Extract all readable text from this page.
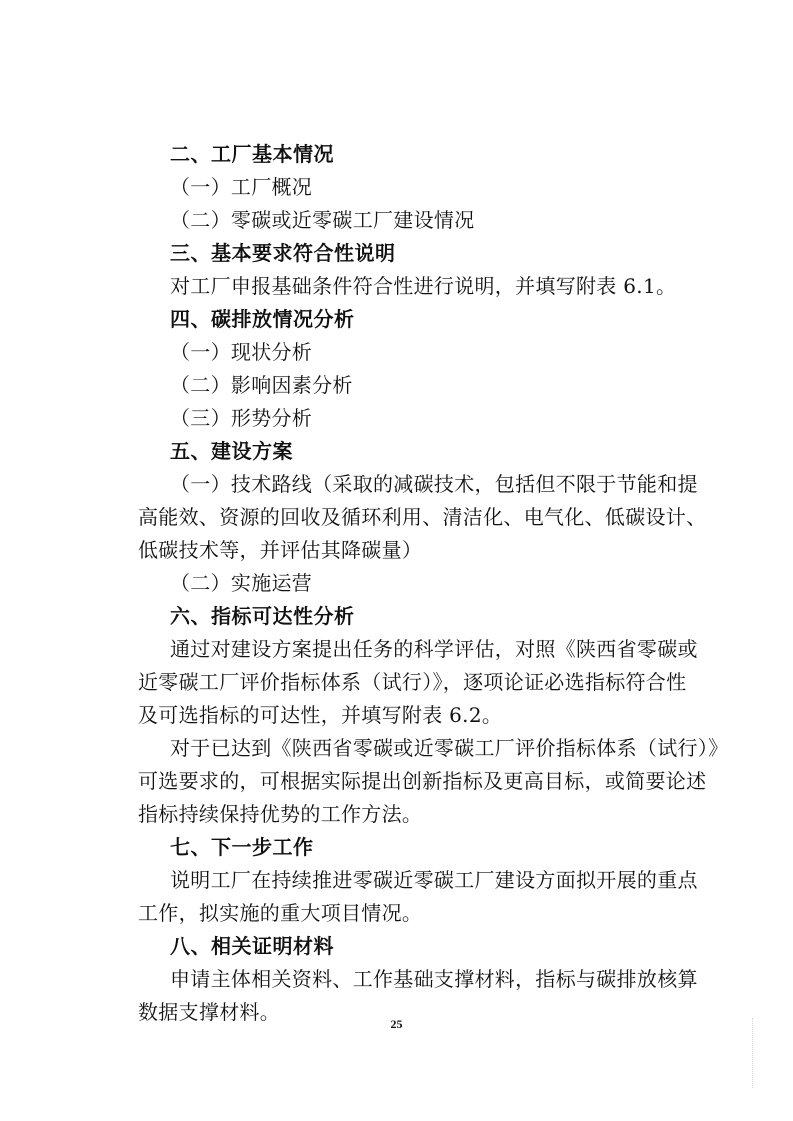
二、工厂基本情况
（一）工厂概况
（二）零碳或近零碳工厂建设情况
三、基本要求符合性说明
对工厂申报基础条件符合性进行说明，并填写附表 6.1。
四、碳排放情况分析
（一）现状分析
（二）影响因素分析
（三）形势分析
五、建设方案
（一）技术路线（采取的减碳技术，包括但不限于节能和提
高能效、资源的回收及循环利用、清洁化、电气化、低碳设计、
低碳技术等，并评估其降碳量）
（二）实施运营
六、指标可达性分析
通过对建设方案提出任务的科学评估，对照《陕西省零碳或
近零碳工厂评价指标体系（试行）》，逐项论证必选指标符合性
及可选指标的可达性，并填写附表 6.2。
对于已达到《陕西省零碳或近零碳工厂评价指标体系（试行）》
可选要求的，可根据实际提出创新指标及更高目标，或简要论述
指标持续保持优势的工作方法。
七、下一步工作
说明工厂在持续推进零碳近零碳工厂建设方面拟开展的重点
工作，拟实施的重大项目情况。
八、相关证明材料
申请主体相关资料、工作基础支撑材料，指标与碳排放核算
数据支撑材料。	25
